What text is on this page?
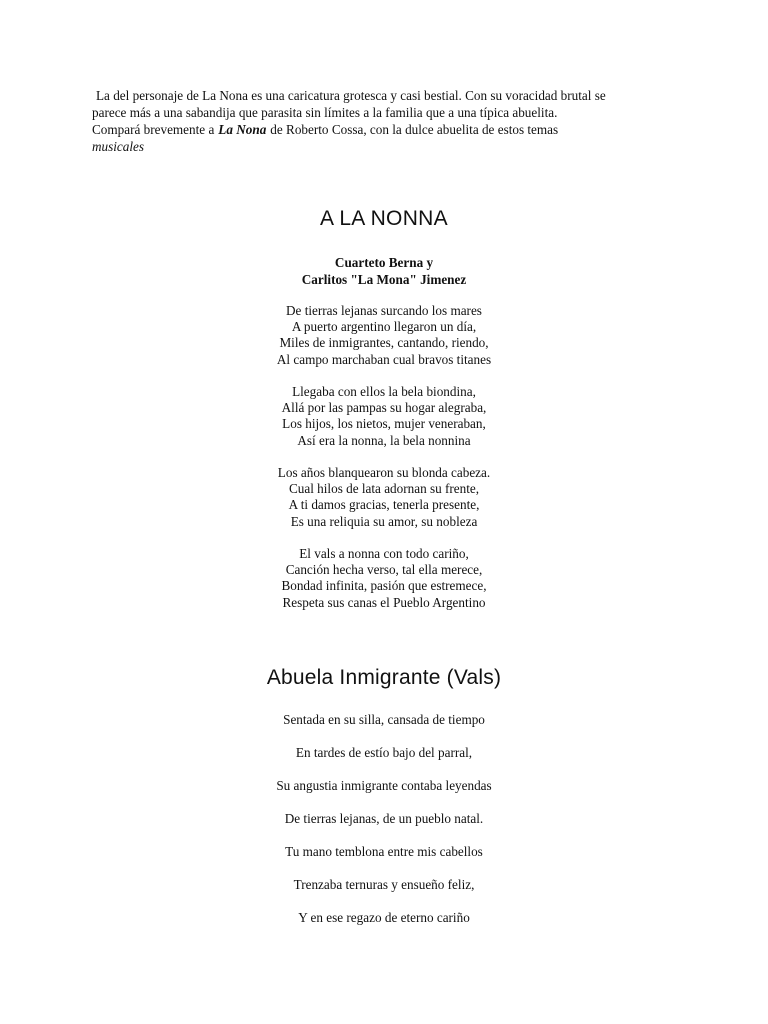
La del personaje de La Nona es una caricatura grotesca y casi bestial. Con su voracidad brutal se

parece más a una sabandija que parasita sin límites a la familia que a una típica abuelita.

Compará brevemente a La Nona de Roberto Cossa, con la dulce abuelita de estos temas

musicales

A LA NONNA
Cuarteto Berna y
Carlitos "La Mona" Jimenez
De tierras lejanas surcando los mares
A puerto argentino llegaron un día,
Miles de inmigrantes, cantando, riendo,
Al campo marchaban cual bravos titanes
Llegaba con ellos la bela biondina,
Allá por las pampas su hogar alegraba,
Los hijos, los nietos, mujer veneraban,
Así era la nonna, la bela nonnina
Los años blanquearon su blonda cabeza.
Cual hilos de lata adornan su frente,
A ti damos gracias, tenerla presente,
Es una reliquia su amor, su nobleza
El vals a nonna con todo cariño,
Canción hecha verso, tal ella merece,
Bondad infinita, pasión que estremece,
Respeta sus canas el Pueblo Argentino
Abuela Inmigrante (Vals)
Sentada en su silla, cansada de tiempo
En tardes de estío bajo del parral,
Su angustia inmigrante contaba leyendas
De tierras lejanas, de un pueblo natal.
Tu mano temblona entre mis cabellos
Trenzaba ternuras y ensueño feliz,
Y en ese regazo de eterno cariño
